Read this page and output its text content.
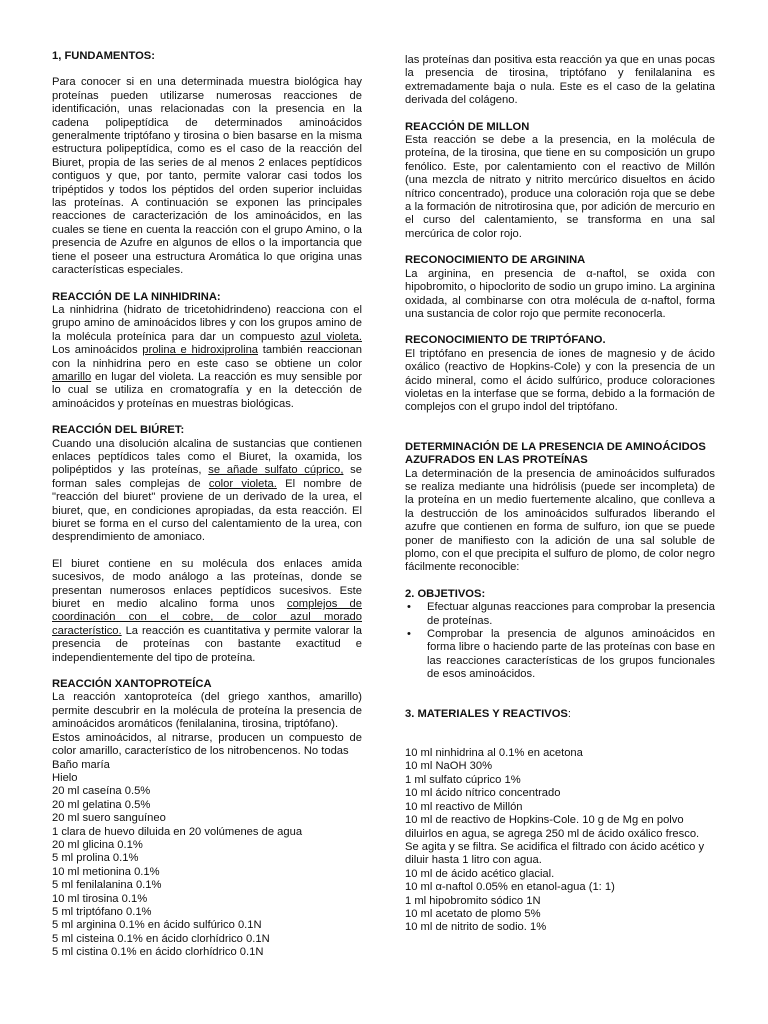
1, FUNDAMENTOS:

Para conocer si en una determinada muestra biológica hay proteínas pueden utilizarse numerosas reacciones de identificación, unas relacionadas con la presencia en la cadena polipeptídica de determinados aminoácidos generalmente triptófano y tirosina o bien basarse en la misma estructura polipeptídica, como es el caso de la reacción del Biuret, propia de las series de al menos 2 enlaces peptídicos contiguos y que, por tanto, permite valorar casi todos los tripéptidos y todos los péptidos del orden superior incluidas las proteínas. A continuación se exponen las principales reacciones de caracterización de los aminoácidos, en las cuales se tiene en cuenta la reacción con el grupo Amino, o la presencia de Azufre en algunos de ellos o la importancia que tiene el poseer una estructura Aromática lo que origina unas características especiales.

REACCIÓN DE LA NINHIDRINA:

La ninhidrina (hidrato de tricetohidrindeno) reacciona con el grupo amino de aminoácidos libres y con los grupos amino de la molécula proteínica para dar un compuesto azul violeta. Los aminoácidos prolina e hidroxiprolina también reaccionan con la ninhidrina pero en este caso se obtiene un color amarillo en lugar del violeta. La reacción es muy sensible por lo cual se utiliza en cromatografía y en la detección de aminoácidos y proteínas en muestras biológicas.

REACCIÓN DEL BIÚRET:

Cuando una disolución alcalina de sustancias que contienen enlaces peptídicos tales como el Biuret, la oxamida, los polipéptidos y las proteínas, se añade sulfato cúprico, se forman sales complejas de color violeta. El nombre de "reacción del biuret" proviene de un derivado de la urea, el biuret, que, en condiciones apropiadas, da esta reacción. El biuret se forma en el curso del calentamiento de la urea, con desprendimiento de amoniaco.

El biuret contiene en su molécula dos enlaces amida sucesivos, de modo análogo a las proteínas, donde se presentan numerosos enlaces peptídicos sucesivos. Este biuret en medio alcalino forma unos complejos de coordinación con el cobre, de color azul morado característico. La reacción es cuantitativa y permite valorar la presencia de proteínas con bastante exactitud e independientemente del tipo de proteína.

REACCIÓN XANTOPROTEÍCA

La reacción xantoproteíca (del griego xanthos, amarillo) permite descubrir en la molécula de proteína la presencia de aminoácidos aromáticos (fenilalanina, tirosina, triptófano).

Estos aminoácidos, al nitrarse, producen un compuesto de color amarillo, característico de los nitrobencenos. No todas

Baño maría

Hielo

20 ml caseína 0.5%

20 ml gelatina 0.5%

20 ml suero sanguíneo

1 clara de huevo diluida en 20 volúmenes de agua

20 ml glicina 0.1%

5 ml prolina 0.1%

10 ml metionina 0.1%

5 ml fenilalanina 0.1%

10 ml tirosina 0.1%

5 ml triptófano 0.1%

5 ml arginina 0.1% en ácido sulfúrico 0.1N

5 ml cisteina 0.1% en ácido clorhídrico 0.1N

5 ml cistina 0.1% en ácido clorhídrico 0.1N

las proteínas dan positiva esta reacción ya que en unas pocas la presencia de tirosina, triptófano y fenilalanina es extremadamente baja o nula. Este es el caso de la gelatina derivada del colágeno.

REACCIÓN DE MILLON

Esta reacción se debe a la presencia, en la molécula de proteína, de la tirosina, que tiene en su composición un grupo fenólico. Este, por calentamiento con el reactivo de Millón (una mezcla de nitrato y nitrito mercúrico disueltos en ácido nítrico concentrado), produce una coloración roja que se debe a la formación de nitrotirosina que, por adición de mercurio en el curso del calentamiento, se transforma en una sal mercúrica de color rojo.

RECONOCIMIENTO DE ARGININA

La arginina, en presencia de α-naftol, se oxida con hipobromito, o hipoclorito de sodio un grupo imino. La arginina oxidada, al combinarse con otra molécula de α-naftol, forma una sustancia de color rojo que permite reconocerla.

RECONOCIMIENTO DE TRIPTÓFANO.

El triptófano en presencia de iones de magnesio y de ácido oxálico (reactivo de Hopkins-Cole) y con la presencia de un ácido mineral, como el ácido sulfúrico, produce coloraciones violetas en la interfase que se forma, debido a la formación de complejos con el grupo indol del triptófano.

DETERMINACIÓN DE LA PRESENCIA DE AMINOÁCIDOS AZUFRADOS EN LAS PROTEÍNAS

La determinación de la presencia de aminoácidos sulfurados se realiza mediante una hidrólisis (puede ser incompleta) de la proteína en un medio fuertemente alcalino, que conlleva a la destrucción de los aminoácidos sulfurados liberando el azufre que contienen en forma de sulfuro, ion que se puede poner de manifiesto con la adición de una sal soluble de plomo, con el que precipita el sulfuro de plomo, de color negro fácilmente reconocible:

2. OBJETIVOS:
• Efectuar algunas reacciones para comprobar la presencia de proteínas.
• Comprobar la presencia de algunos aminoácidos en forma libre o haciendo parte de las proteínas con base en las reacciones características de los grupos funcionales de esos aminoácidos.
3. MATERIALES Y REACTIVOS:

10 ml ninhidrina al 0.1% en acetona

10 ml NaOH 30%

1 ml sulfato cúprico 1%

10 ml ácido nítrico concentrado

10 ml reactivo de Millón

10 ml de reactivo de Hopkins-Cole. 10 g de Mg en polvo diluirlos en agua, se agrega 250 ml de ácido oxálico fresco. Se agita y se filtra. Se acidifica el filtrado con ácido acético y diluir hasta 1 litro con agua.

10 ml de ácido acético glacial.

10 ml α-naftol 0.05% en etanol-agua (1: 1)

1 ml hipobromito sódico 1N

10 ml acetato de plomo 5%

10 ml de nitrito de sodio. 1%
